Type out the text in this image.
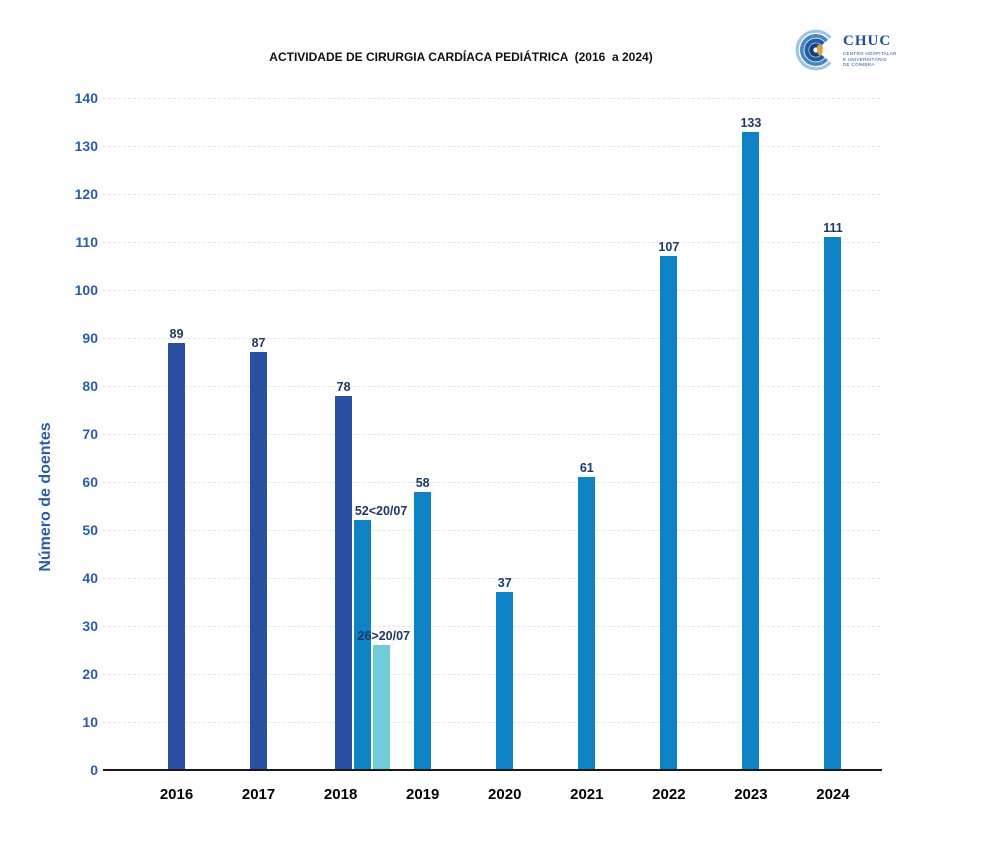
ACTIVIDADE DE CIRURGIA CARDÍACA PEDIÁTRICA  (2016  a 2024)
CHUC
CENTRO HOSPITALAR
E UNIVERSITÁRIO
DE COIMBRA
Número de doentes
0
10
20
30
40
50
60
70
80
90
100
110
120
130
140
89
87
78
52<20/07
26>20/07
58
37
61
107
133
111
2016	2017	2018	2019	2020	2021	2022	2023	2024
